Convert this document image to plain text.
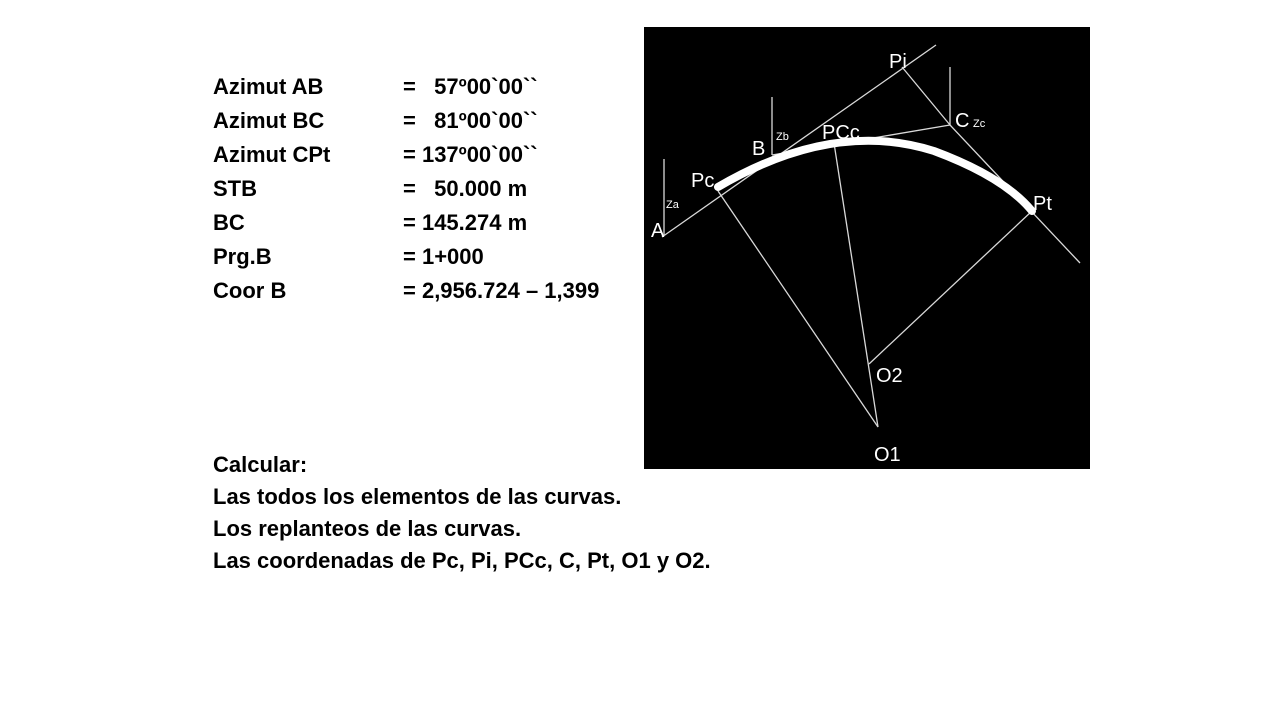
Azimut AB	=   57º00`00``
Azimut BC	=   81º00`00``
Azimut CPt	= 137º00`00``
STB	=   50.000 m
BC	= 145.274 m
Prg.B	= 1+000
Coor B	= 2,956.724 – 1,399
Pi
B
Zb PCc
C Zc
Pc
Za
A
Pt
O2
O1
Calcular:
Las todos los elementos de las curvas.
Los replanteos de las curvas.
Las coordenadas de Pc, Pi, PCc, C, Pt, O1 y O2.
